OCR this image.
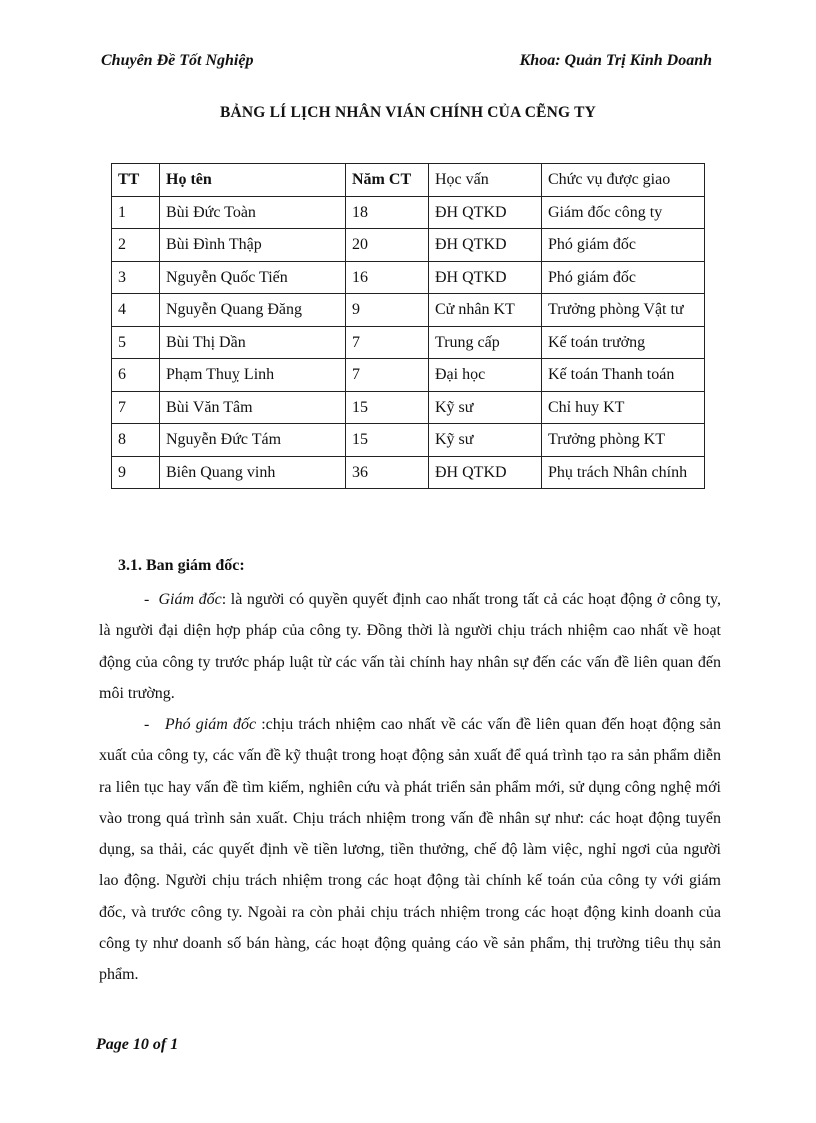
Chuyên Đề Tốt Nghiệp	Khoa: Quản Trị Kinh Doanh
BẢNG LÍ LỊCH NHÂN VIÁN CHÍNH CỦA CẼNG TY
TT	Họ tên	Năm CT	Học vấn	Chức vụ được giao
1	Bùi Đức Toàn	18	ĐH QTKD	Giám đốc công ty
2	Bùi Đình Thập	20	ĐH QTKD	Phó giám đốc
3	Nguyễn Quốc Tiến	16	ĐH QTKD	Phó giám đốc
4	Nguyễn Quang Đăng	9	Cử nhân KT	Trưởng phòng Vật tư
5	Bùi Thị Dần	7	Trung cấp	Kế toán trưởng
6	Phạm Thuỵ Linh	7	Đại học	Kế toán Thanh toán
7	Bùi Văn Tâm	15	Kỹ sư	Chỉ huy KT
8	Nguyễn Đức Tám	15	Kỹ sư	Trưởng phòng KT
9	Biên Quang vinh	36	ĐH QTKD	Phụ trách Nhân chính
3.1. Ban giám đốc:

- Giám đốc: là người có quyền quyết định cao nhất trong tất cả các hoạt động ở công ty, là người đại diện hợp pháp của công ty. Đồng thời là người chịu trách nhiệm cao nhất về hoạt động của công ty trước pháp luật từ các vấn tài chính hay nhân sự đến các vấn đề liên quan đến môi trường.

- Phó giám đốc :chịu trách nhiệm cao nhất về các vấn đề liên quan đến hoạt động sản xuất của công ty, các vấn đề kỹ thuật trong hoạt động sản xuất để quá trình tạo ra sản phẩm diễn ra liên tục hay vấn đề tìm kiếm, nghiên cứu và phát triển sản phẩm mới, sử dụng công nghệ mới vào trong quá trình sản xuất. Chịu trách nhiệm trong vấn đề nhân sự như: các hoạt động tuyển dụng, sa thải, các quyết định về tiền lương, tiền thưởng, chế độ làm việc, nghỉ ngơi của người lao động. Người chịu trách nhiệm trong các hoạt động tài chính kế toán của công ty với giám đốc, và trước công ty. Ngoài ra còn phải chịu trách nhiệm trong các hoạt động kinh doanh của công ty như doanh số bán hàng, các hoạt động quảng cáo về sản phẩm, thị trường tiêu thụ sản phẩm.

Page 10 of 1
